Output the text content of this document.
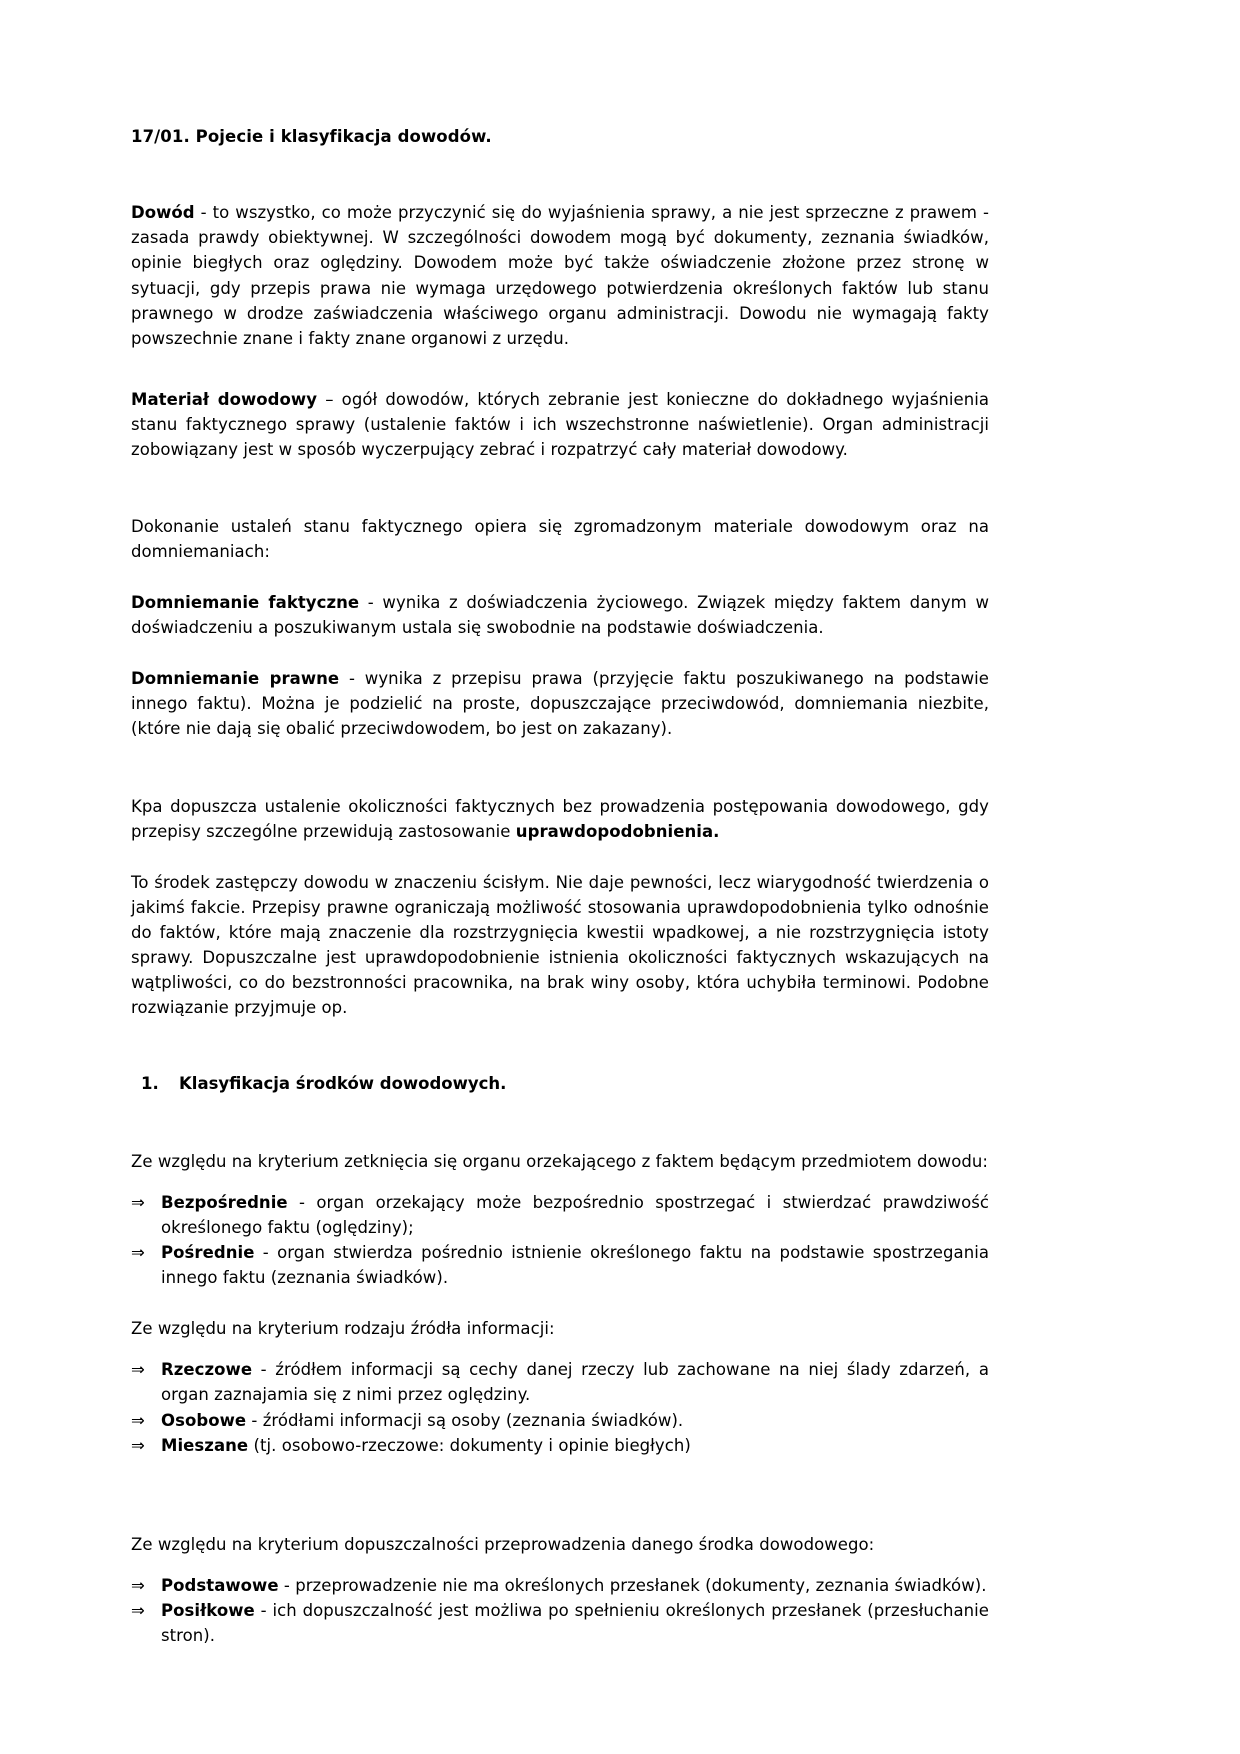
17/01. Pojecie i klasyfikacja dowodów.

Dowód - to wszystko, co może przyczynić się do wyjaśnienia sprawy, a nie jest sprzeczne z prawem - zasada prawdy obiektywnej. W szczególności dowodem mogą być dokumenty, zeznania świadków, opinie biegłych oraz oględziny. Dowodem może być także oświadczenie złożone przez stronę w sytuacji, gdy przepis prawa nie wymaga urzędowego potwierdzenia określonych faktów lub stanu prawnego w drodze zaświadczenia właściwego organu administracji. Dowodu nie wymagają fakty powszechnie znane i fakty znane organowi z urzędu.

Materiał dowodowy – ogół dowodów, których zebranie jest konieczne do dokładnego wyjaśnienia stanu faktycznego sprawy (ustalenie faktów i ich wszechstronne naświetlenie). Organ administracji zobowiązany jest w sposób wyczerpujący zebrać i rozpatrzyć cały materiał dowodowy.

Dokonanie ustaleń stanu faktycznego opiera się zgromadzonym materiale dowodowym oraz na domniemaniach:

Domniemanie faktyczne - wynika z doświadczenia życiowego. Związek między faktem danym w doświadczeniu a poszukiwanym ustala się swobodnie na podstawie doświadczenia.

Domniemanie prawne - wynika z przepisu prawa (przyjęcie faktu poszukiwanego na podstawie innego faktu). Można je podzielić na proste, dopuszczające przeciwdowód, domniemania niezbite, (które nie dają się obalić przeciwdowodem, bo jest on zakazany).

Kpa dopuszcza ustalenie okoliczności faktycznych bez prowadzenia postępowania dowodowego, gdy przepisy szczególne przewidują zastosowanie uprawdopodobnienia.

To środek zastępczy dowodu w znaczeniu ścisłym. Nie daje pewności, lecz wiarygodność twierdzenia o jakimś fakcie. Przepisy prawne ograniczają możliwość stosowania uprawdopodobnienia tylko odnośnie do faktów, które mają znaczenie dla rozstrzygnięcia kwestii wpadkowej, a nie rozstrzygnięcia istoty sprawy. Dopuszczalne jest uprawdopodobnienie istnienia okoliczności faktycznych wskazujących na wątpliwości, co do bezstronności pracownika, na brak winy osoby, która uchybiła terminowi. Podobne rozwiązanie przyjmuje op.

1.	Klasyfikacja środków dowodowych.

Ze względu na kryterium zetknięcia się organu orzekającego z faktem będącym przedmiotem dowodu:

⇒ Bezpośrednie - organ orzekający może bezpośrednio spostrzegać i stwierdzać prawdziwość określonego faktu (oględziny);
⇒ Pośrednie - organ stwierdza pośrednio istnienie określonego faktu na podstawie spostrzegania innego faktu (zeznania świadków).

Ze względu na kryterium rodzaju źródła informacji:

⇒ Rzeczowe - źródłem informacji są cechy danej rzeczy lub zachowane na niej ślady zdarzeń, a organ zaznajamia się z nimi przez oględziny.
⇒ Osobowe - źródłami informacji są osoby (zeznania świadków).
⇒ Mieszane (tj. osobowo-rzeczowe: dokumenty i opinie biegłych)

Ze względu na kryterium dopuszczalności przeprowadzenia danego środka dowodowego:

⇒ Podstawowe - przeprowadzenie nie ma określonych przesłanek (dokumenty, zeznania świadków).
⇒ Posiłkowe - ich dopuszczalność jest możliwa po spełnieniu określonych przesłanek (przesłuchanie stron).
